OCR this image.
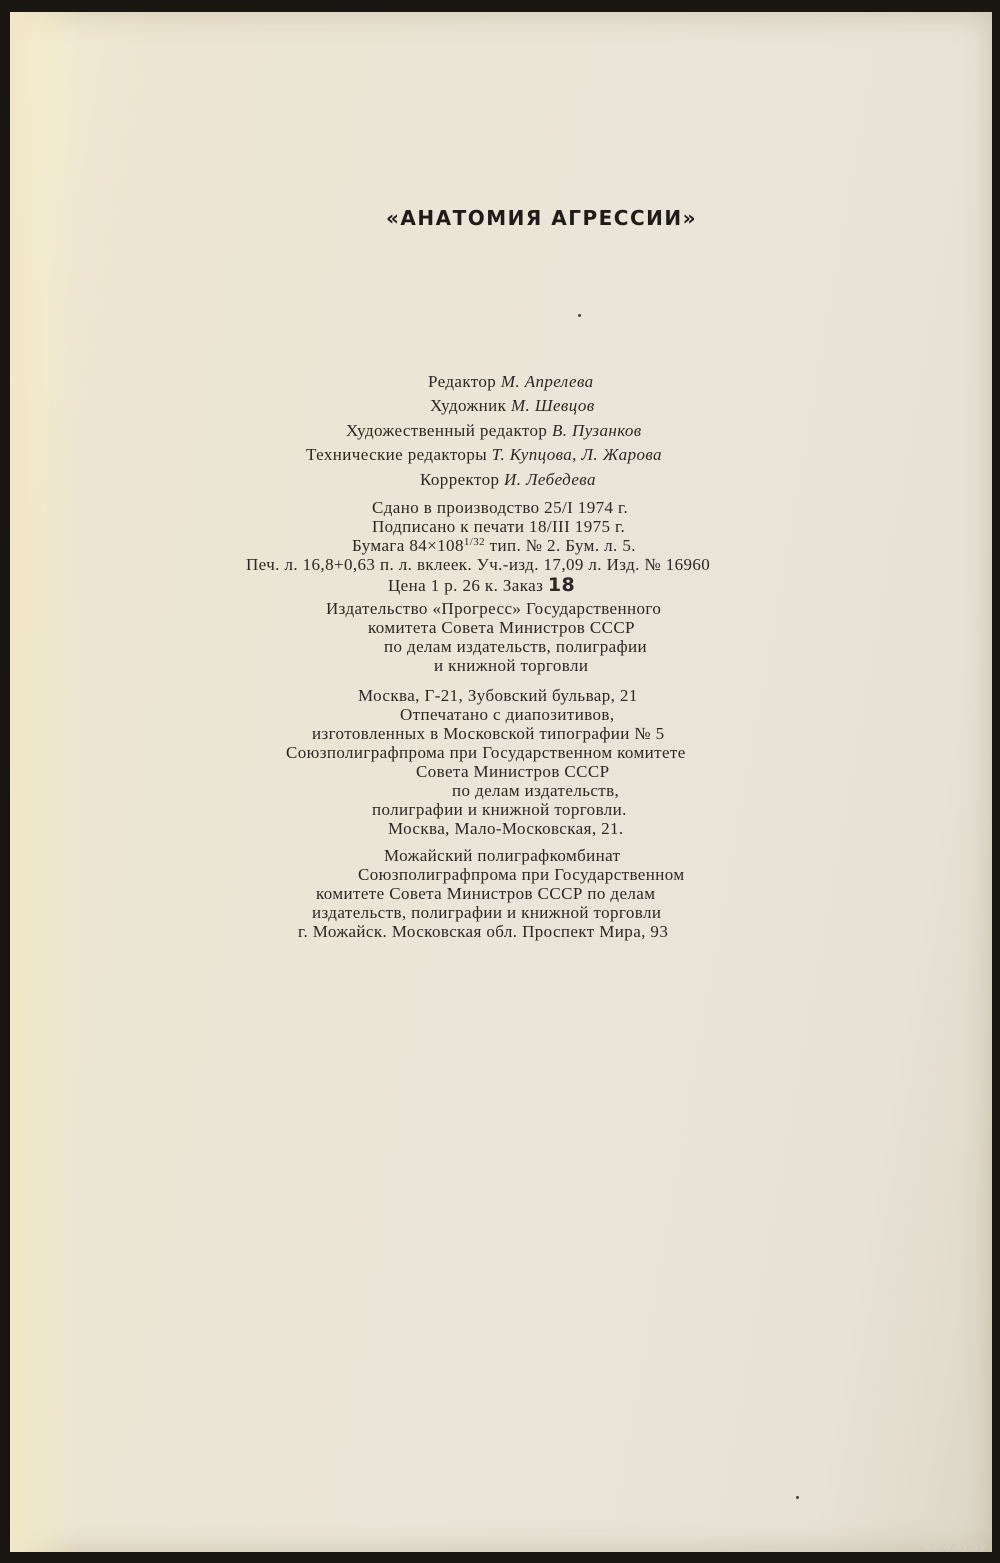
«АНАТОМИЯ АГРЕССИИ»
Редактор М. Апрелева
Художник М. Шевцов
Художественный редактор В. Пузанков
Технические редакторы Т. Купцова, Л. Жарова
Корректор И. Лебедева
Сдано в производство 25/I 1974 г.
Подписано к печати 18/III 1975 г.
Бумага $84\times 108^{1/32}$ тип. № 2. Бум. л. 5.
Печ. л. 16,8+0,63 п. л. вклеек. Уч.-изд. 17,09 л. Изд. № 16960
Цена 1 р. 26 к. Заказ 18
Издательство «Прогресс» Государственного
комитета Совета Министров СССР
по делам издательств, полиграфии
и книжной торговли
Москва, Г-21, Зубовский бульвар, 21
Отпечатано с диапозитивов,
изготовленных в Московской типографии № 5
Союзполиграфпрома при Государственном комитете
Совета Министров СССР
по делам издательств,
полиграфии и книжной торговли.
Москва, Мало-Московская, 21.
Можайский полиграфкомбинат
Союзполиграфпрома при Государственном
комитете Совета Министров СССР по делам
издательств, полиграфии и книжной торговли
г. Можайск. Московская обл. Проспект Мира, 93
www.ay.by
